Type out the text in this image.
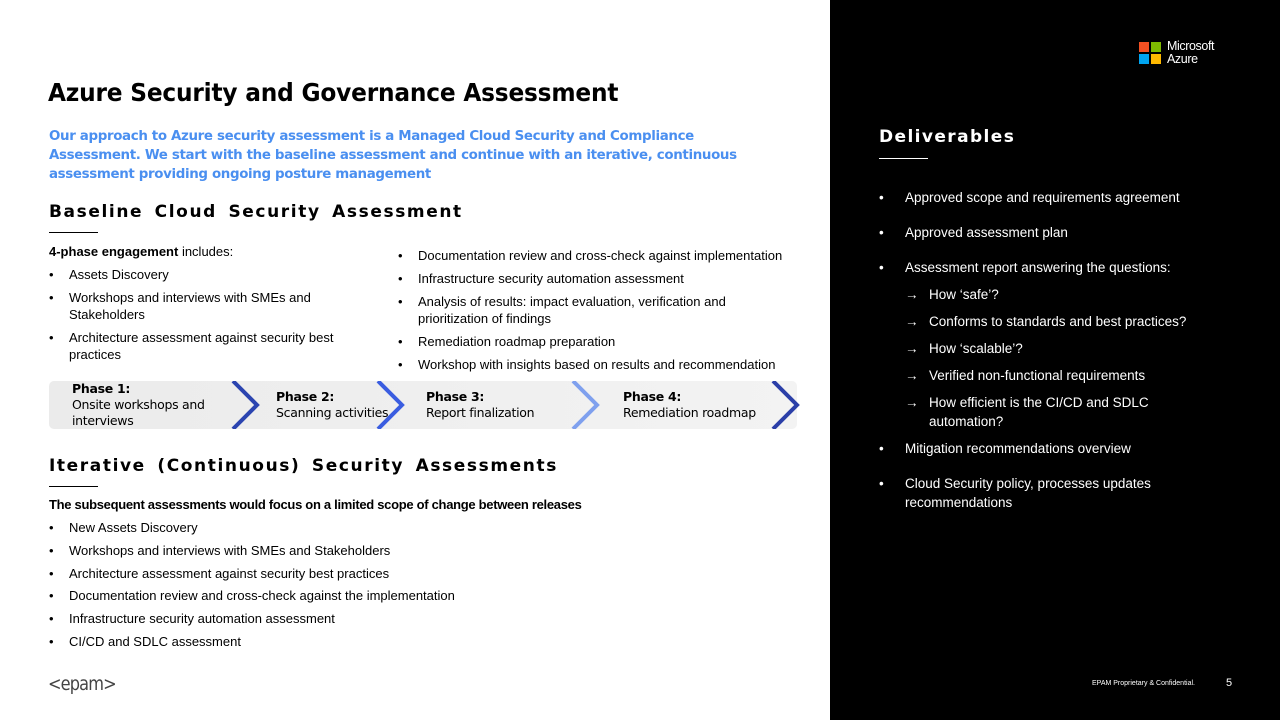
Azure Security and Governance Assessment
Our approach to Azure security assessment is a Managed Cloud Security and Compliance Assessment. We start with the baseline assessment and continue with an iterative, continuous assessment providing ongoing posture management
Baseline Cloud Security Assessment
4-phase engagement includes:
• Assets Discovery
• Workshops and interviews with SMEs and Stakeholders
• Architecture assessment against security best practices
• Documentation review and cross-check against implementation
• Infrastructure security automation assessment
• Analysis of results: impact evaluation, verification and prioritization of findings
• Remediation roadmap preparation
• Workshop with insights based on results and recommendation
Phase 1:
Onsite workshops and interviews
Phase 2:
Scanning activities
Phase 3:
Report finalization
Phase 4:
Remediation roadmap
Iterative (Continuous) Security Assessments
The subsequent assessments would focus on a limited scope of change between releases
• New Assets Discovery
• Workshops and interviews with SMEs and Stakeholders
• Architecture assessment against security best practices
• Documentation review and cross-check against the implementation
• Infrastructure security automation assessment
• CI/CD and SDLC assessment
<epam>
Microsoft
Azure
Deliverables
• Approved scope and requirements agreement
• Approved assessment plan
• Assessment report answering the questions:
→ How ‘safe’?
→ Conforms to standards and best practices?
→ How ‘scalable’?
→ Verified non-functional requirements
→ How efficient is the CI/CD and SDLC automation?
• Mitigation recommendations overview
• Cloud Security policy, processes updates recommendations
EPAM Proprietary & Confidential.	5
